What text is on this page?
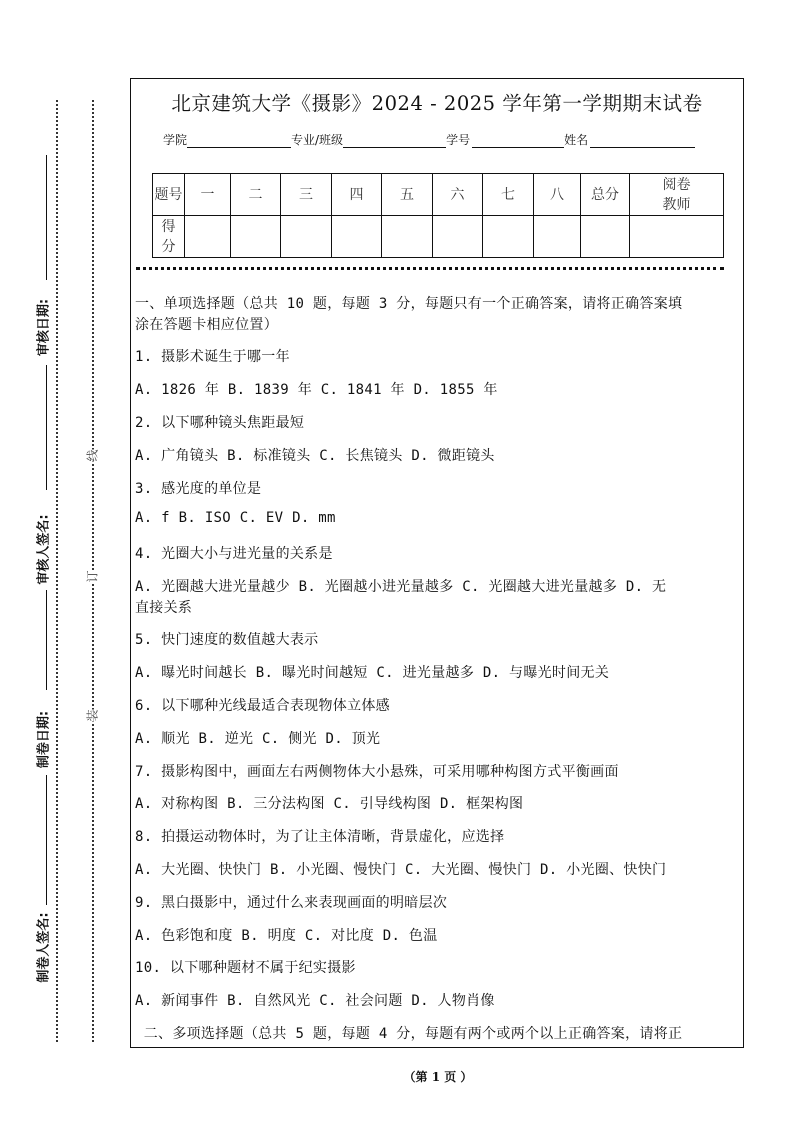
审核日期:
审核人签名:
制卷日期:
制卷人签名:
线
订
装
北京建筑大学《摄影》2024 - 2025 学年第一学期期末试卷
学院	专业/班级	学号	姓名
题号	一	二	三	四	五	六	七	八	总分	阅卷教师
得分										
一、单项选择题（总共 10 题，每题 3 分，每题只有一个正确答案，请将正确答案填
涂在答题卡相应位置）
1. 摄影术诞生于哪一年
A. 1826 年 B. 1839 年 C. 1841 年 D. 1855 年
2. 以下哪种镜头焦距最短
A. 广角镜头 B. 标准镜头 C. 长焦镜头 D. 微距镜头
3. 感光度的单位是
A. f B. ISO C. EV D. mm
4. 光圈大小与进光量的关系是
A. 光圈越大进光量越少 B. 光圈越小进光量越多 C. 光圈越大进光量越多 D. 无
直接关系
5. 快门速度的数值越大表示
A. 曝光时间越长 B. 曝光时间越短 C. 进光量越多 D. 与曝光时间无关
6. 以下哪种光线最适合表现物体立体感
A. 顺光 B. 逆光 C. 侧光 D. 顶光
7. 摄影构图中，画面左右两侧物体大小悬殊，可采用哪种构图方式平衡画面
A. 对称构图 B. 三分法构图 C. 引导线构图 D. 框架构图
8. 拍摄运动物体时，为了让主体清晰，背景虚化，应选择
A. 大光圈、快快门 B. 小光圈、慢快门 C. 大光圈、慢快门 D. 小光圈、快快门
9. 黑白摄影中，通过什么来表现画面的明暗层次
A. 色彩饱和度 B. 明度 C. 对比度 D. 色温
10. 以下哪种题材不属于纪实摄影
A. 新闻事件 B. 自然风光 C. 社会问题 D. 人物肖像
二、多项选择题（总共 5 题，每题 4 分，每题有两个或两个以上正确答案，请将正
（第 1 页 ）
